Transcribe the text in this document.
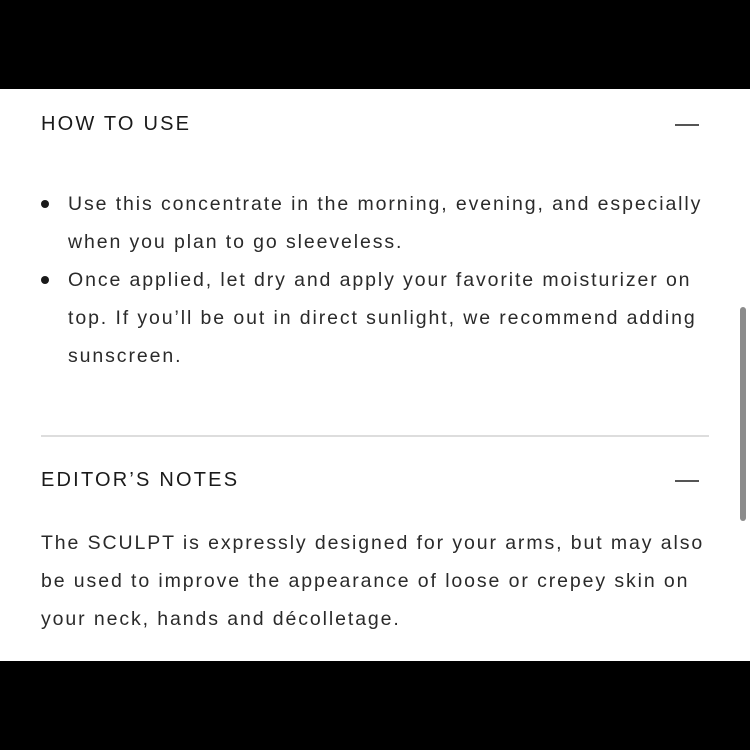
HOW TO USE
Use this concentrate in the morning, evening, and especially when you plan to go sleeveless.
Once applied, let dry and apply your favorite moisturizer on top. If you’ll be out in direct sunlight, we recommend adding sunscreen.
EDITOR’S NOTES

The SCULPT is expressly designed for your arms, but may also be used to improve the appearance of loose or crepey skin on your neck, hands and décolletage.
